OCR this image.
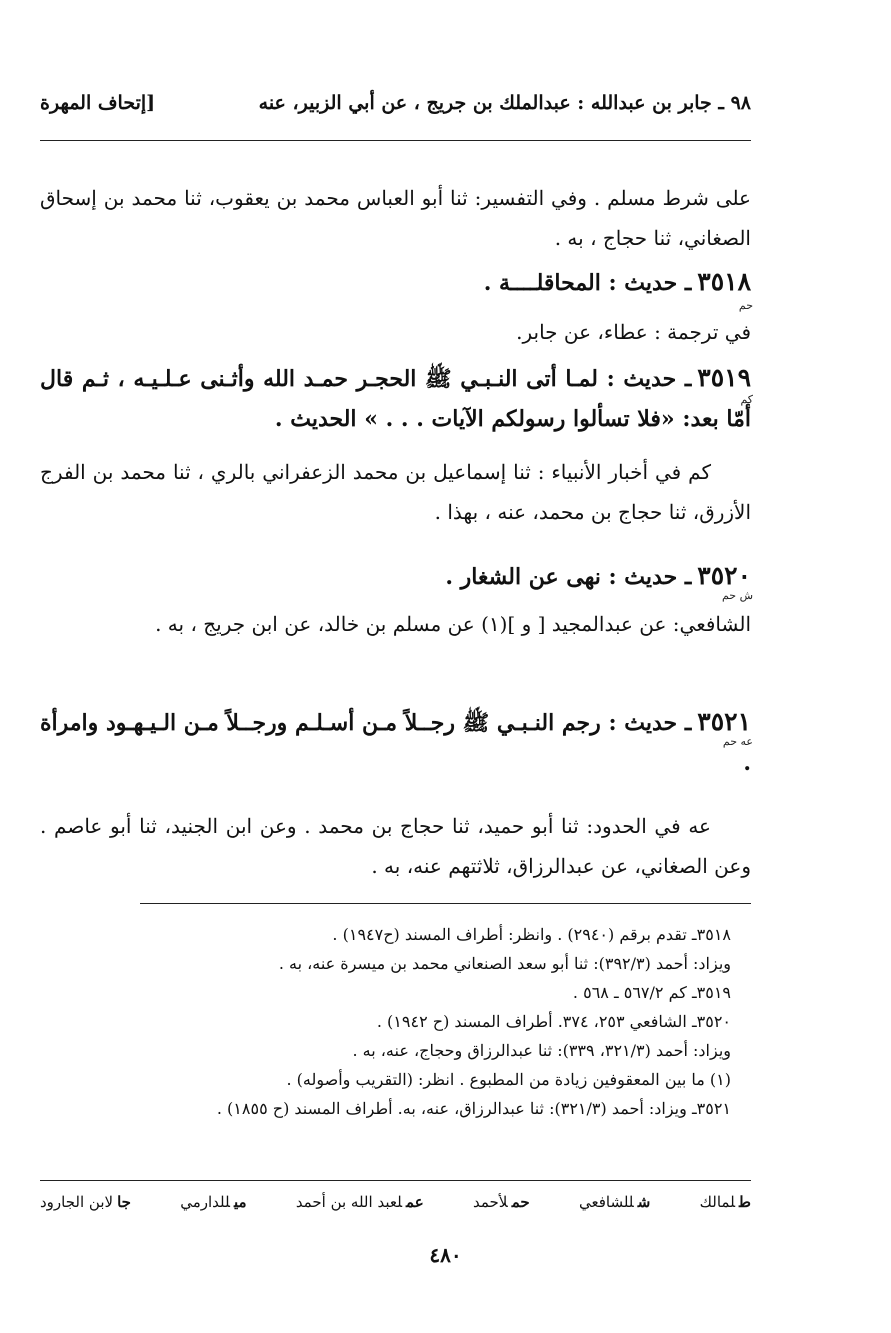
٩٨ ـ جابر بن عبدالله : عبدالملك بن جريج ، عن أبي الزبير، عنه
[إتحاف المهرة

على شرط مسلم . وفي التفسير: ثنا أبو العباس محمد بن يعقوب، ثنا محمد بن إسحاق الصغاني، ثنا حجاج ، به .

٣٥١٨ـ حديث : المحاقلــــة .

حم

في ترجمة : عطاء، عن جابر.

٣٥١٩ـ حديث : لمـا أتى النـبـي ﷺ الحجـر حمـد الله وأثـنى عـلـيـه ، ثـم قال أمّا بعد: «فلا تسألوا رسولكم الآيات . . . » الحديث .

كم

كم في أخبار الأنبياء : ثنا إسماعيل بن محمد الزعفراني بالري ، ثنا محمد بن الفرج الأزرق، ثنا حجاج بن محمد، عنه ، بهذا .

٣٥٢٠ـ حديث : نهى عن الشغار .

ش حم

الشافعي: عن عبدالمجيد [ و ](١) عن مسلم بن خالد، عن ابن جريج ، به .

٣٥٢١ـ حديث : رجم النـبـي ﷺ رجــلاً مـن أسـلـم ورجــلاً مـن الـيـهـود وامرأة .

عه حم

عه في الحدود: ثنا أبو حميد، ثنا حجاج بن محمد . وعن ابن الجنيد، ثنا أبو عاصم . وعن الصغاني، عن عبدالرزاق، ثلاثتهم عنه، به .

٣٥١٨ـ تقدم برقم (٢٩٤٠) . وانظر: أطراف المسند (ح١٩٤٧) .

ويزاد: أحمد (٣٩٢/٣): ثنا أبو سعد الصنعاني محمد بن ميسرة عنه، به .

٣٥١٩ـ كم ٥٦٧/٢ ـ ٥٦٨ .

٣٥٢٠ـ الشافعي ٢٥٣، ٣٧٤. أطراف المسند (ح ١٩٤٢) .

ويزاد: أحمد (٣٢١/٣، ٣٣٩): ثنا عبدالرزاق وحجاج، عنه، به .

(١) ما بين المعقوفين زيادة من المطبوع . انظر: (التقريب وأصوله) .

٣٥٢١ـ ويزاد: أحمد (٣٢١/٣): ثنا عبدالرزاق، عنه، به. أطراف المسند (ح ١٨٥٥) .

طلمالك
شللشافعي
حملأحمد
عملعبد الله بن أحمد
ميللدارمي
جالابن الجارود
٤٨٠
